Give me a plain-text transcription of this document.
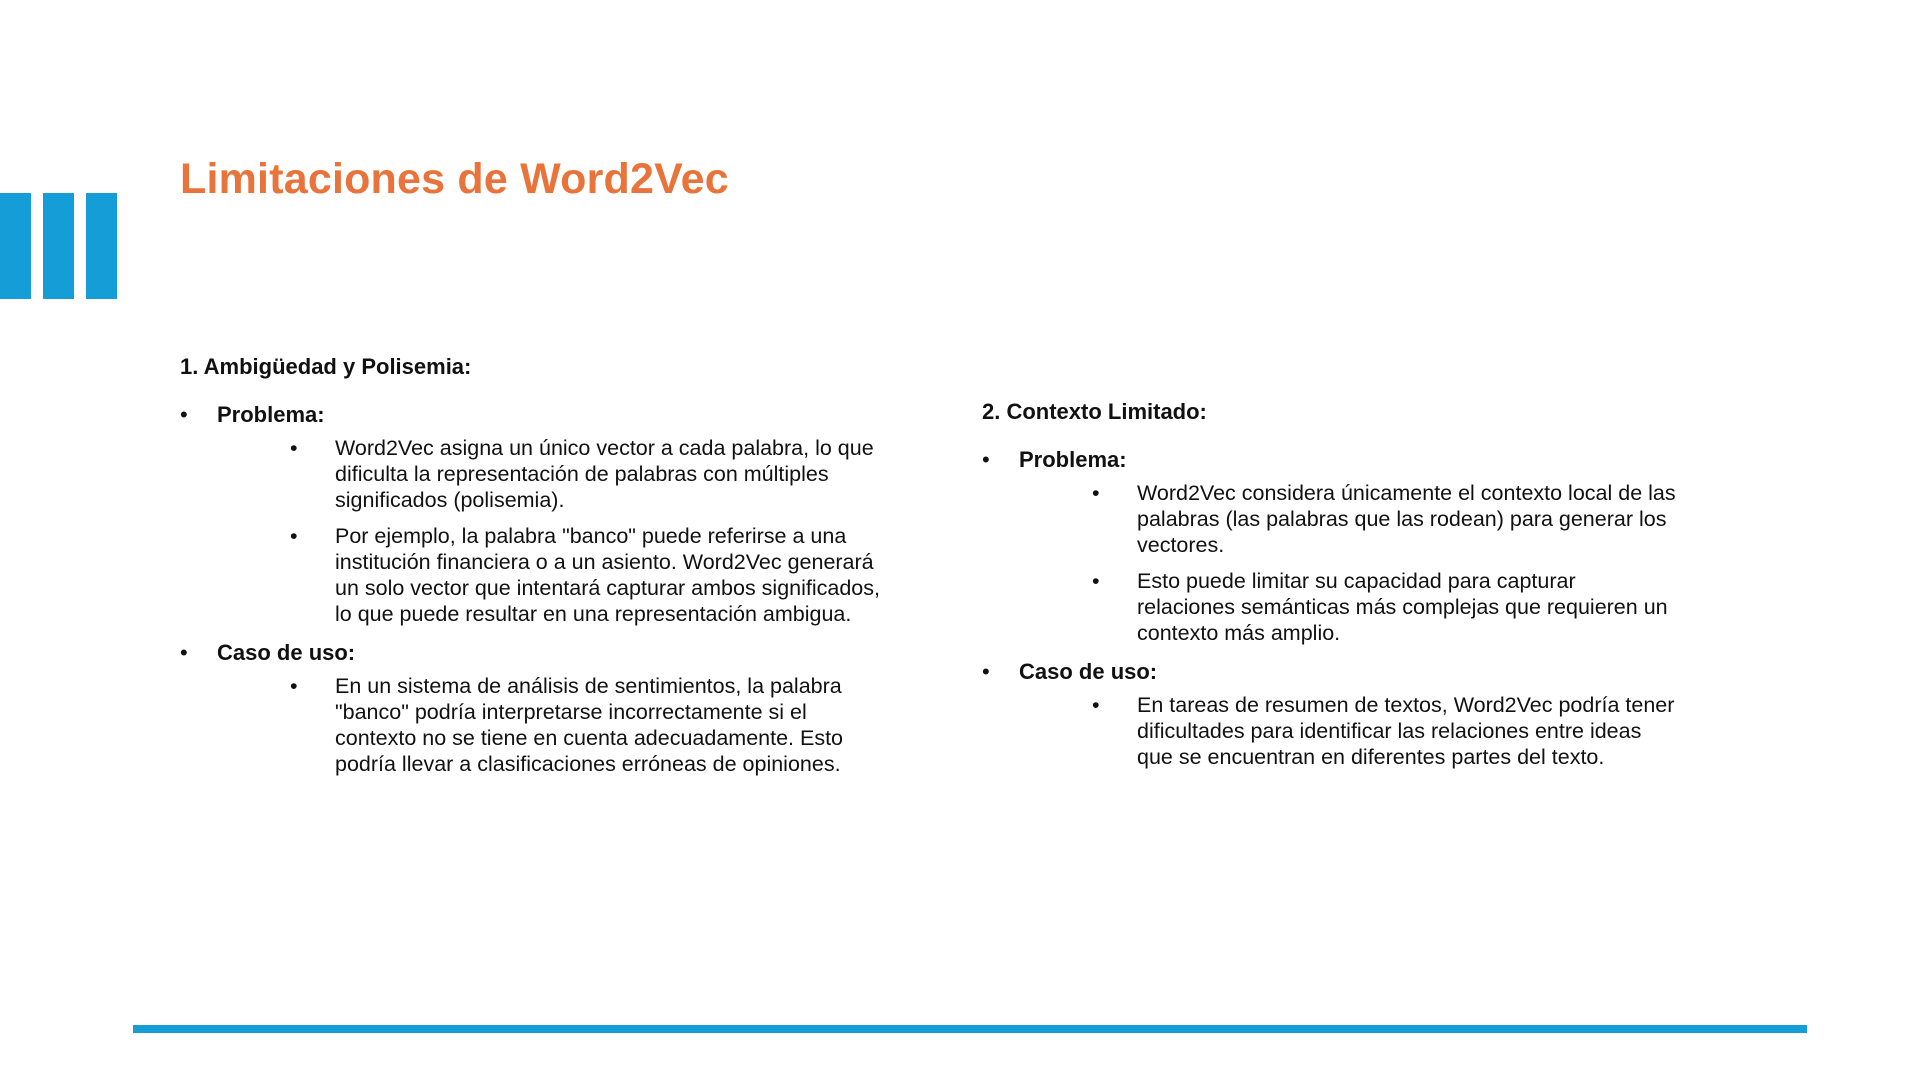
Limitaciones de Word2Vec
1. Ambigüedad y Polisemia:
• Problema:
• Word2Vec asigna un único vector a cada palabra, lo que dificulta la representación de palabras con múltiples significados (polisemia).
• Por ejemplo, la palabra "banco" puede referirse a una institución financiera o a un asiento. Word2Vec generará un solo vector que intentará capturar ambos significados, lo que puede resultar en una representación ambigua.
• Caso de uso:
• En un sistema de análisis de sentimientos, la palabra "banco" podría interpretarse incorrectamente si el contexto no se tiene en cuenta adecuadamente. Esto podría llevar a clasificaciones erróneas de opiniones.
2. Contexto Limitado:
• Problema:
• Word2Vec considera únicamente el contexto local de las palabras (las palabras que las rodean) para generar los vectores.
• Esto puede limitar su capacidad para capturar relaciones semánticas más complejas que requieren un contexto más amplio.
• Caso de uso:
• En tareas de resumen de textos, Word2Vec podría tener dificultades para identificar las relaciones entre ideas que se encuentran en diferentes partes del texto.
